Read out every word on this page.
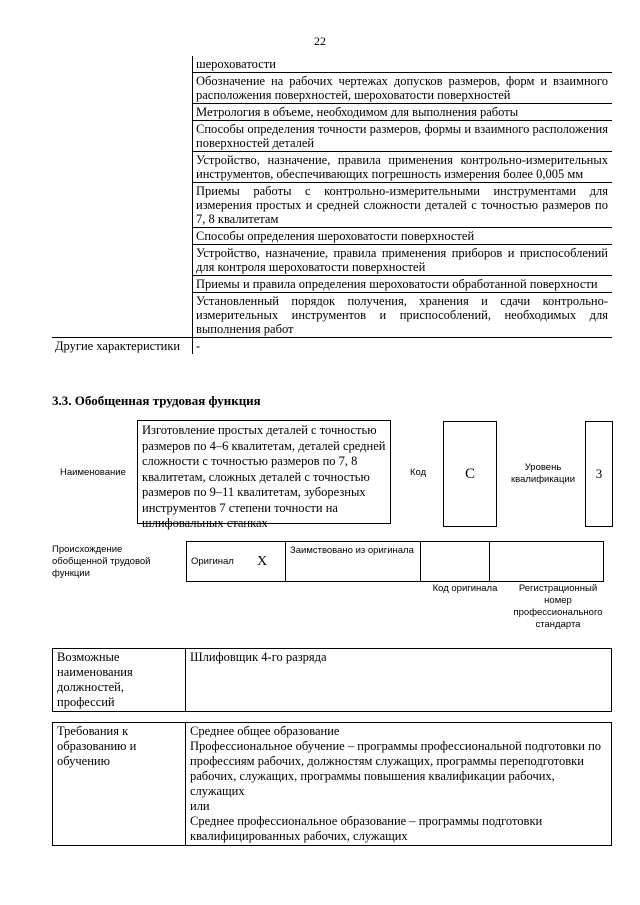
22
	шероховатости
	Обозначение на рабочих чертежах допусков размеров, форм и взаимного расположения поверхностей, шероховатости поверхностей
	Метрология в объеме, необходимом для выполнения работы
	Способы определения точности размеров, формы и взаимного расположения поверхностей деталей
	Устройство, назначение, правила применения контрольно-измерительных инструментов, обеспечивающих погрешность измерения более 0,005 мм
	Приемы работы с контрольно-измерительными инструментами для измерения простых и средней сложности деталей с точностью размеров по 7, 8 квалитетам
	Способы определения шероховатости поверхностей
	Устройство, назначение, правила применения приборов и приспособлений для контроля шероховатости поверхностей
	Приемы и правила определения шероховатости обработанной поверхности
	Установленный порядок получения, хранения и сдачи контрольно-измерительных инструментов и приспособлений, необходимых для выполнения работ
Другие характеристики	-
3.3. Обобщенная трудовая функция
Наименование
Изготовление простых деталей с точностью размеров по 4–6 квалитетам, деталей средней сложности с точностью размеров по 7, 8 квалитетам, сложных деталей с точностью размеров по 9–11 квалитетам, зуборезных инструментов 7 степени точности на шлифовальных станках
Код	C	Уровень квалификации	3
Происхождение обобщенной трудовой функции
Оригинал	X	Заимствовано из оригинала		
Код оригинала	Регистрационный номер профессионального стандарта
Возможные наименования должностей, профессий	Шлифовщик 4-го разряда
Требования к образованию и обучению	
Среднее общее образование
Профессиональное обучение – программы профессиональной подготовки по профессиям рабочих, должностям служащих, программы переподготовки рабочих, служащих, программы повышения квалификации рабочих, служащих
или
Среднее профессиональное образование – программы подготовки квалифицированных рабочих, служащих
